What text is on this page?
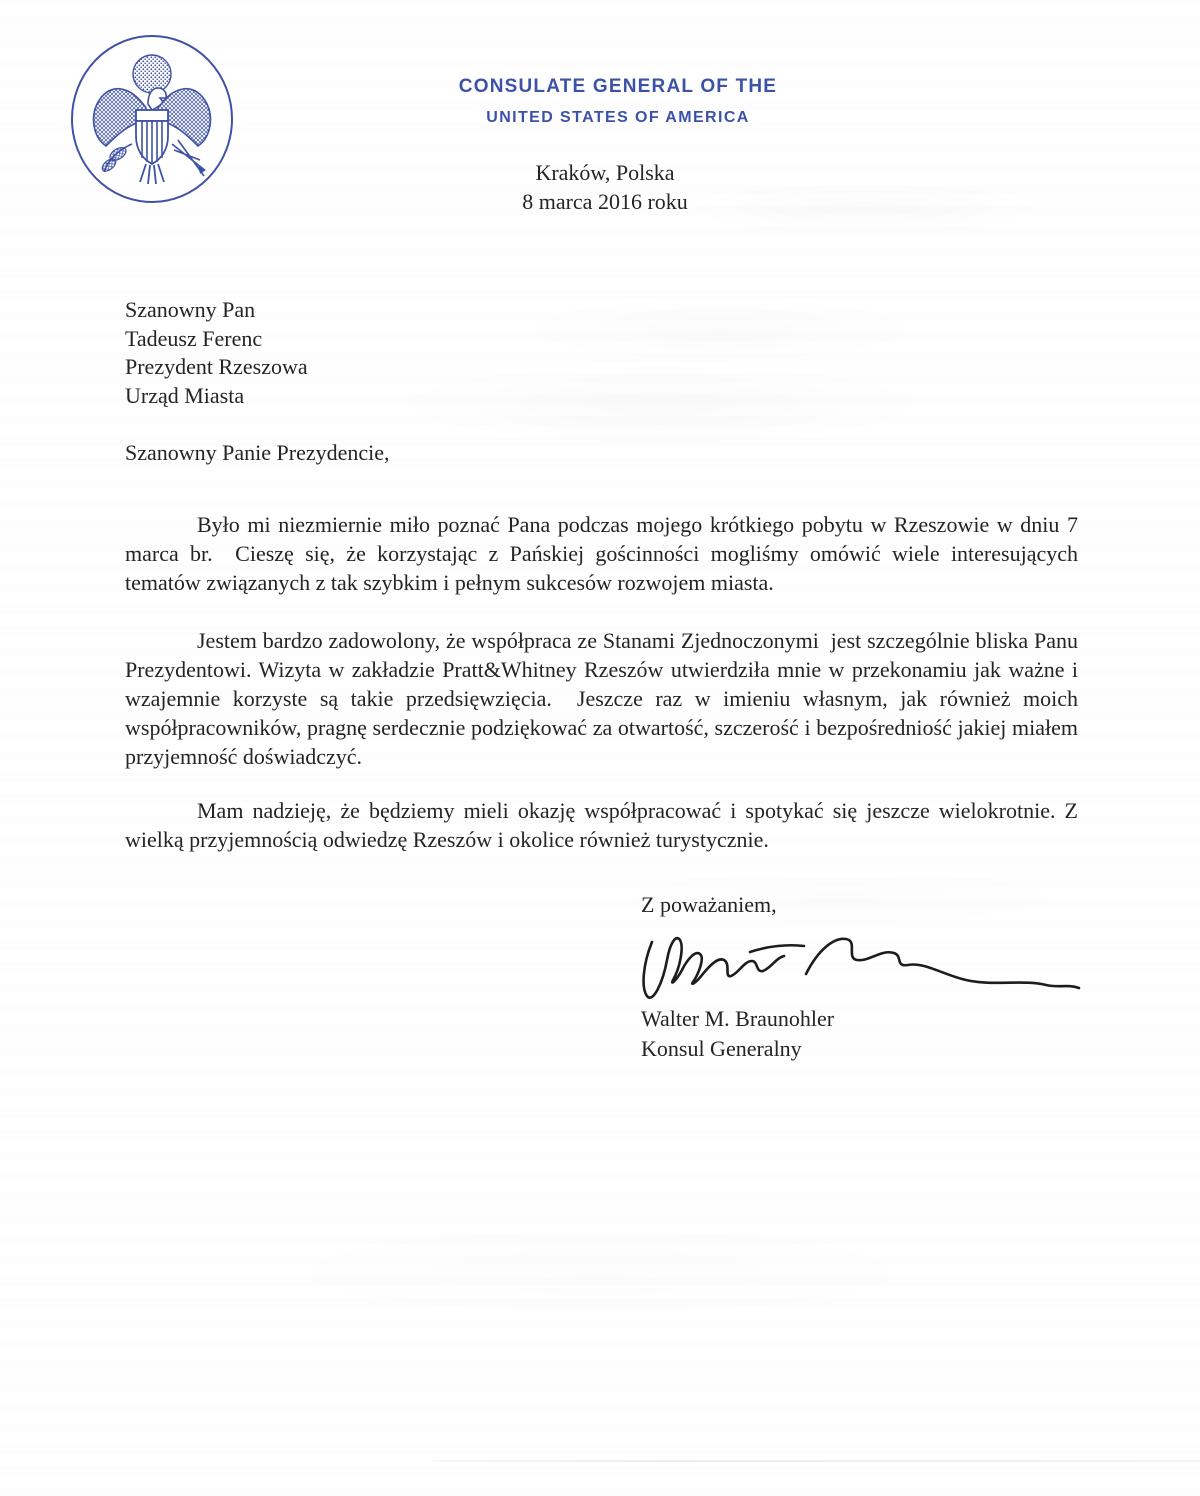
CONSULATE GENERAL OF THE
UNITED STATES OF AMERICA
Kraków, Polska
8 marca 2016 roku
Szanowny Pan
Tadeusz Ferenc
Prezydent Rzeszowa
Urząd Miasta
Szanowny Panie Prezydencie,

Było mi niezmiernie miło poznać Pana podczas mojego krótkiego pobytu w Rzeszowie w dniu 7 marca br.  Cieszę się, że korzystając z Pańskiej gościnności mogliśmy omówić wiele interesujących tematów związanych z tak szybkim i pełnym sukcesów rozwojem miasta.

Jestem bardzo zadowolony, że współpraca ze Stanami Zjednoczonymi  jest szczególnie bliska Panu Prezydentowi. Wizyta w zakładzie Pratt&Whitney Rzeszów utwierdziła mnie w przekonamiu jak ważne i wzajemnie korzyste są takie przedsięwzięcia.  Jeszcze raz w imieniu własnym, jak również moich współpracowników, pragnę serdecznie podziękować za otwartość, szczerość i bezpośredniość jakiej miałem przyjemność doświadczyć.

Mam nadzieję, że będziemy mieli okazję współpracować i spotykać się jeszcze wielokrotnie. Z wielką przyjemnością odwiedzę Rzeszów i okolice również turystycznie.

Z poważaniem,
Walter M. Braunohler
Konsul Generalny
